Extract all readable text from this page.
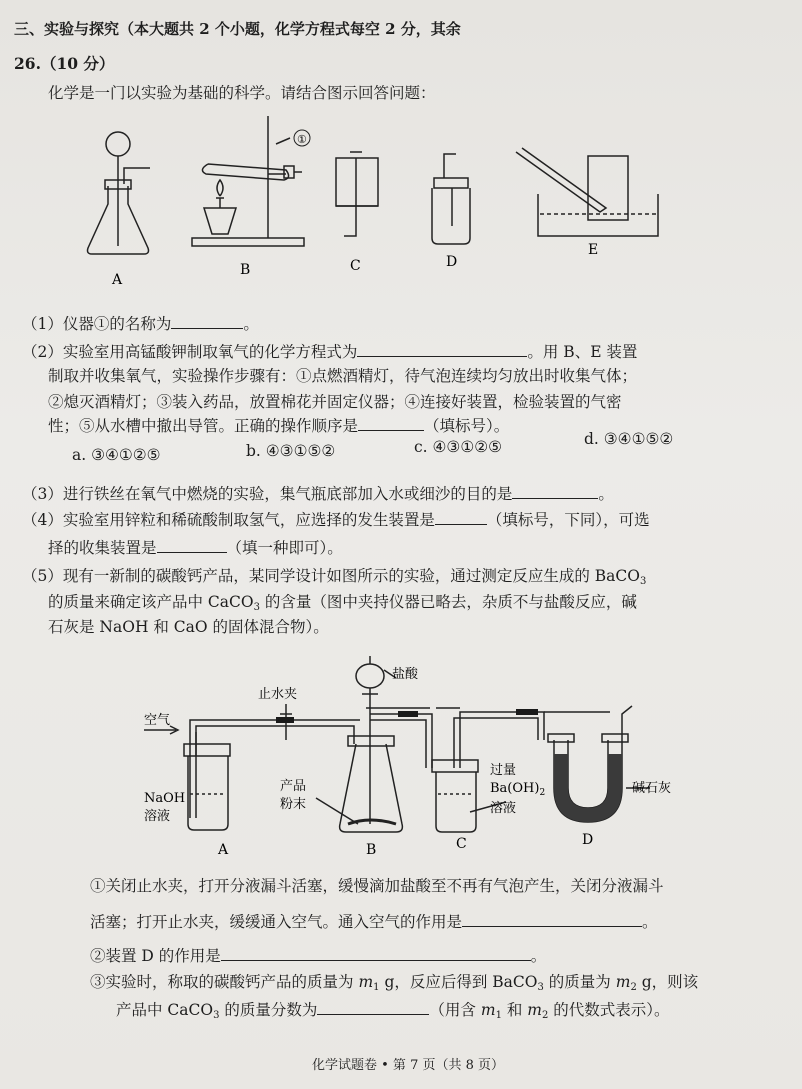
三、实验与探究（本大题共 2 个小题，化学方程式每空 2 分，其余
26.（10 分）
化学是一门以实验为基础的科学。请结合图示回答问题：
①
A
B	C	D
E
（1）仪器①的名称为	。
（2）实验室用高锰酸钾制取氧气的化学方程式为	。用 B、E 装置
制取并收集氧气，实验操作步骤有：①点燃酒精灯，待气泡连续均匀放出时收集气体；
②熄灭酒精灯；③装入药品，放置棉花并固定仪器；④连接好装置，检验装置的气密
性；⑤从水槽中撤出导管。正确的操作顺序是	（填标号）。
a. ③④①②⑤	b. ④③①⑤②	c. ④③①②⑤	d. ③④①⑤②
（3）进行铁丝在氧气中燃烧的实验，集气瓶底部加入水或细沙的目的是	。
（4）实验室用锌粒和稀硫酸制取氢气，应选择的发生装置是	（填标号，下同），可选
择的收集装置是	（填一种即可）。
（5）现有一新制的碳酸钙产品，某同学设计如图所示的实验，通过测定反应生成的 BaCO$_3$
的质量来确定该产品中 CaCO$_3$ 的含量（图中夹持仪器已略去，杂质不与盐酸反应，碱
石灰是 NaOH 和 CaO 的固体混合物）。
空气
止水夹
盐酸
NaOH
溶液
产品
粉末
过量
$Ba(OH)_2$
溶液
碱石灰
A	B	C	D
①关闭止水夹，打开分液漏斗活塞，缓慢滴加盐酸至不再有气泡产生，关闭分液漏斗
活塞；打开止水夹，缓缓通入空气。通入空气的作用是	。
②装置 D 的作用是	。
③实验时，称取的碳酸钙产品的质量为 $m_1$ g，反应后得到 BaCO$_3$ 的质量为 $m_2$ g，则该
产品中 CaCO$_3$ 的质量分数为	（用含 $m_1$ 和 $m_2$ 的代数式表示）。
化学试题卷 • 第 7 页（共 8 页）
